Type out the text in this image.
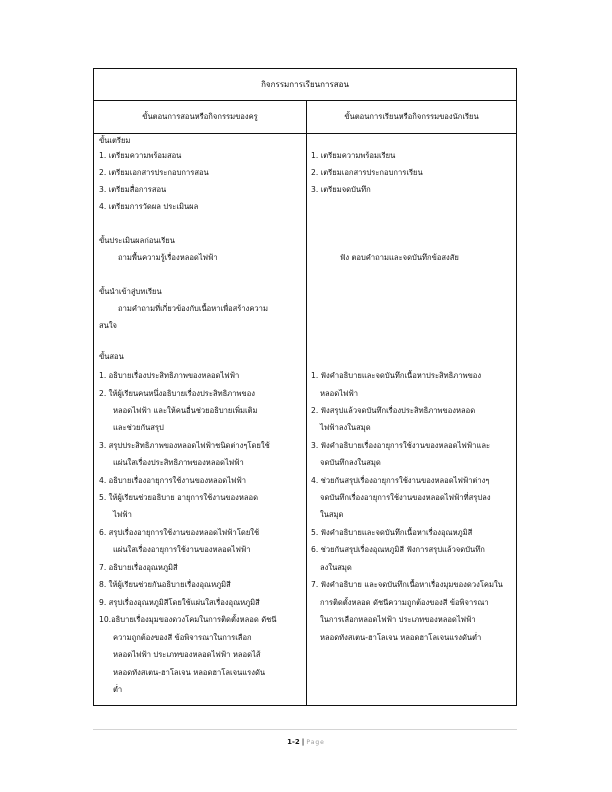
กิจกรรมการเรียนการสอน
ขั้นตอนการสอนหรือกิจกรรมของครู	ขั้นตอนการเรียนหรือกิจกรรมของนักเรียน
ขั้นเตรียม
1. เตรียมความพร้อมสอน
2. เตรียมเอกสารประกอบการสอน
3. เตรียมสื่อการสอน
4. เตรียมการวัดผล ประเมินผล
ขั้นประเมินผลก่อนเรียน
ถามพื้นความรู้เรื่องหลอดไฟฟ้า
ขั้นนำเข้าสู่บทเรียน
ถามคำถามที่เกี่ยวข้องกับเนื้อหาเพื่อสร้างความ
สนใจ
ขั้นสอน
1. อธิบายเรื่องประสิทธิภาพของหลอดไฟฟ้า
2. ให้ผู้เรียนคนหนึ่งอธิบายเรื่องประสิทธิภาพของ
หลอดไฟฟ้า และให้คนอื่นช่วยอธิบายเพิ่มเติม
และช่วยกันสรุป
3. สรุปประสิทธิภาพของหลอดไฟฟ้าชนิดต่างๆโดยใช้
แผ่นใสเรื่องประสิทธิภาพของหลอดไฟฟ้า
4. อธิบายเรื่องอายุการใช้งานของหลอดไฟฟ้า
5. ให้ผู้เรียนช่วยอธิบาย อายุการใช้งานของหลอด
ไฟฟ้า
6. สรุปเรื่องอายุการใช้งานของหลอดไฟฟ้าโดยใช้
แผ่นใสเรื่องอายุการใช้งานของหลอดไฟฟ้า
7. อธิบายเรื่องอุณหภูมิสี
8. ให้ผู้เรียนช่วยกันอธิบายเรื่องอุณหภูมิสี
9. สรุปเรื่องอุณหภูมิสีโดยใช้แผ่นใสเรื่องอุณหภูมิสี
10.อธิบายเรื่องมุมของดวงโคมในการติดตั้งหลอด ดัชนี
ความถูกต้องของสี ข้อพิจารณาในการเลือก
หลอดไฟฟ้า ประเภทของหลอดไฟฟ้า หลอดไส้
หลอดทังสเตน-ฮาโลเจน หลอดฮาโลเจนแรงดัน
ต่ำ
1. เตรียมความพร้อมเรียน
2. เตรียมเอกสารประกอบการเรียน
3. เตรียมจดบันทึก
ฟัง ตอบคำถามและจดบันทึกข้อสงสัย
1. ฟังคำอธิบายและจดบันทึกเนื้อหาประสิทธิภาพของ
หลอดไฟฟ้า
2. ฟังสรุปแล้วจดบันทึกเรื่องประสิทธิภาพของหลอด
ไฟฟ้าลงในสมุด
3. ฟังคำอธิบายเรื่องอายุการใช้งานของหลอดไฟฟ้าและ
จดบันทึกลงในสมุด
4. ช่วยกันสรุปเรื่องอายุการใช้งานของหลอดไฟฟ้าต่างๆ
จดบันทึกเรื่องอายุการใช้งานของหลอดไฟฟ้าที่สรุปลง
ในสมุด
5. ฟังคำอธิบายและจดบันทึกเนื้อหาเรื่องอุณหภูมิสี
6. ช่วยกันสรุปเรื่องอุณหภูมิสี ฟังการสรุปแล้วจดบันทึก
ลงในสมุด
7. ฟังคำอธิบาย และจดบันทึกเนื้อหาเรื่องมุมของดวงโคมใน
การติดตั้งหลอด ดัชนีความถูกต้องของสี ข้อพิจารณา
ในการเลือกหลอดไฟฟ้า ประเภทของหลอดไฟฟ้า
หลอดทังสเตน-ฮาโลเจน หลอดฮาโลเจนแรงดันต่ำ
1-2 | Page
